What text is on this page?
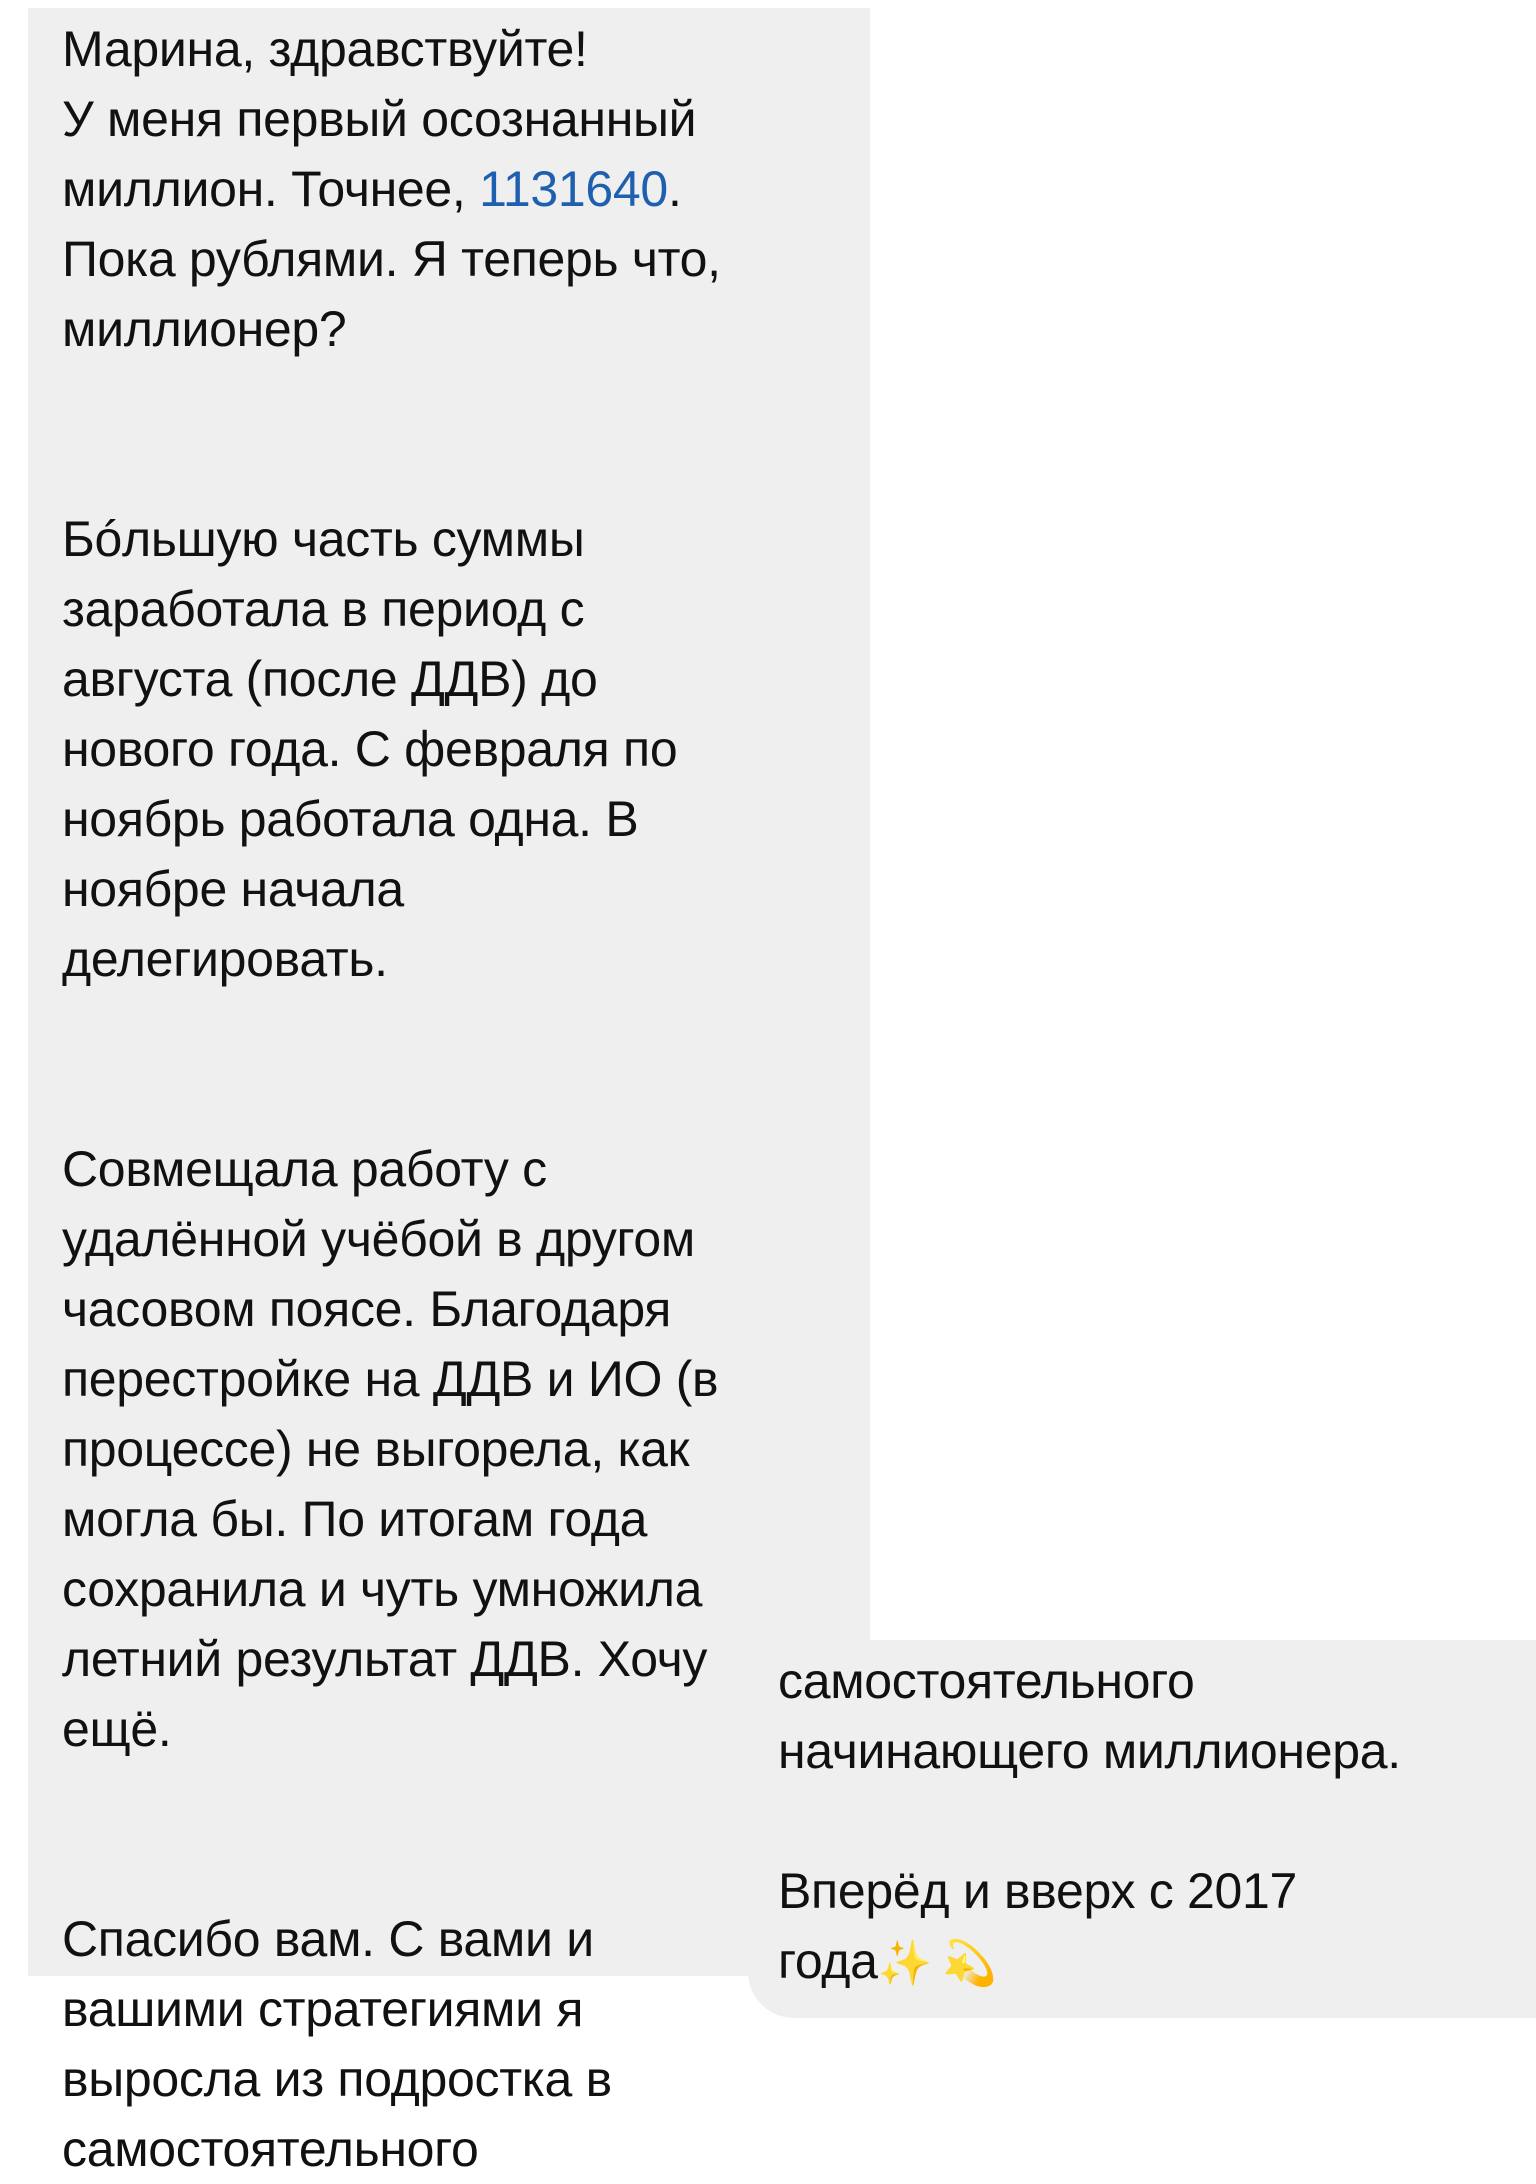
Марина, здравствуйте!
У меня первый осознанный
миллион. Точнее, 1131640.
Пока рублями. Я теперь что,
миллионер?

Бóльшую часть суммы
заработала в период с
августа (после ДДВ) до
нового года. С февраля по
ноябрь работала одна. В
ноябре начала
делегировать.

Совмещала работу с
удалённой учёбой в другом
часовом поясе. Благодаря
перестройке на ДДВ и ИО (в
процессе) не выгорела, как
могла бы. По итогам года
сохранила и чуть умножила
летний результат ДДВ. Хочу
ещё.

Спасибо вам. С вами и
вашими стратегиями я
выросла из подростка в
самостоятельного

самостоятельного
начинающего миллионера.

Вперёд и вверх с 2017
года✨ 💫
